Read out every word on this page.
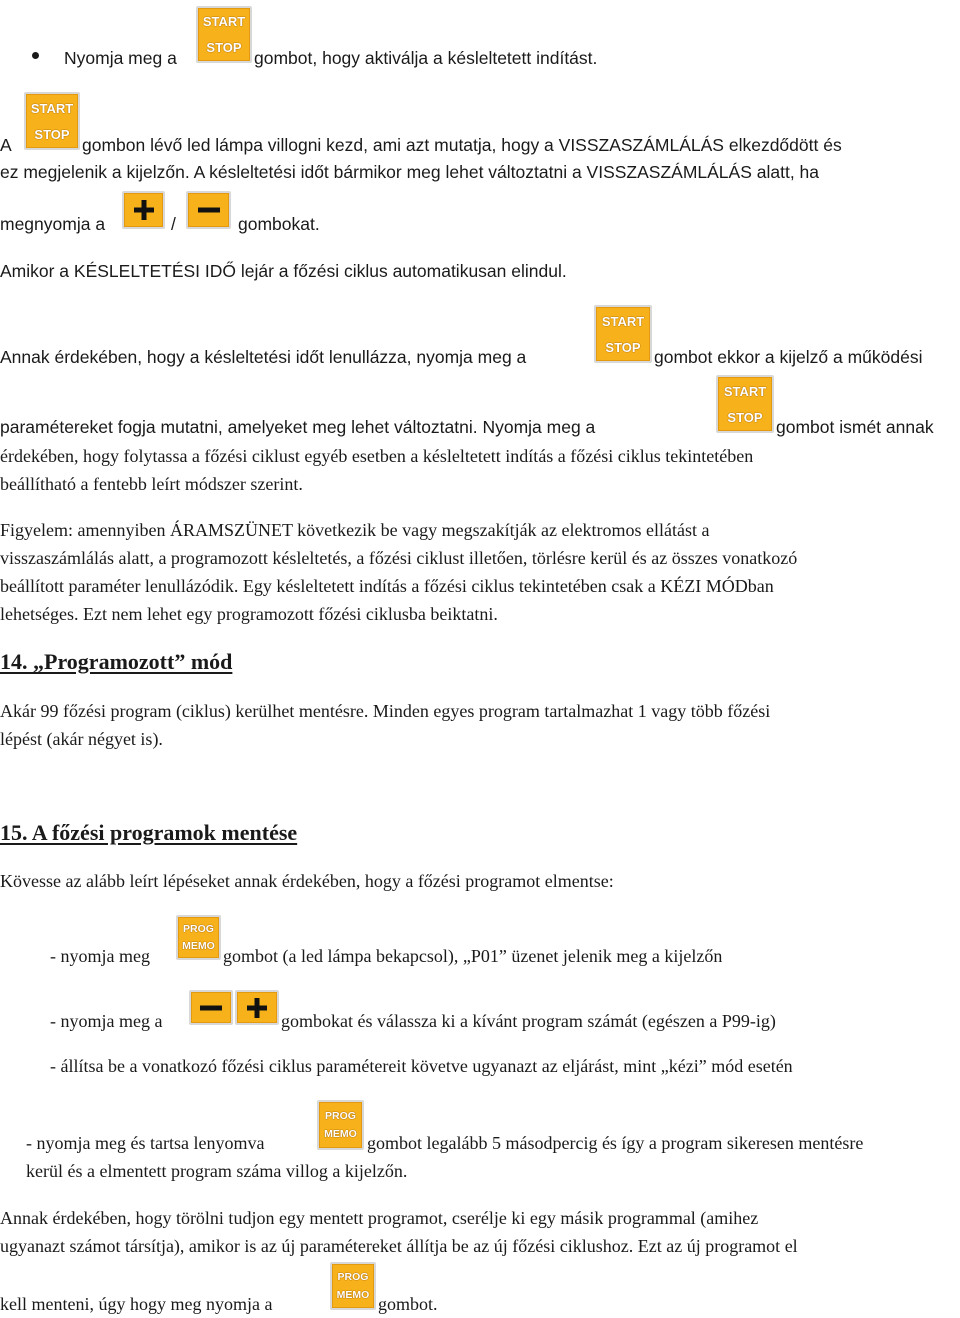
Nyomja meg a
START
STOP
gombot, hogy aktiválja a késleltetett indítást.
A
START
STOP
gombon lévő led lámpa villogni kezd, ami azt mutatja, hogy a VISSZASZÁMLÁLÁS elkezdődött és
ez megjelenik a kijelzőn. A késleltetési időt bármikor meg lehet változtatni a VISSZASZÁMLÁLÁS alatt, ha
megnyomja a	/	gombokat.
Amikor a KÉSLELTETÉSI IDŐ lejár a főzési ciklus automatikusan elindul.
Annak érdekében, hogy a késleltetési időt lenullázza, nyomja meg a
START
STOP gombot ekkor a kijelző a működési
paramétereket fogja mutatni, amelyeket meg lehet változtatni. Nyomja meg a
START
STOP gombot ismét annak
érdekében, hogy folytassa a főzési ciklust egyéb esetben a késleltetett indítás a főzési ciklus tekintetében
beállítható a fentebb leírt módszer szerint.
Figyelem: amennyiben ÁRAMSZÜNET következik be vagy megszakítják az elektromos ellátást a
visszaszámlálás alatt, a programozott késleltetés, a főzési ciklust illetően, törlésre kerül és az összes vonatkozó
beállított paraméter lenullázódik. Egy késleltetett indítás a főzési ciklus tekintetében csak a KÉZI MÓDban
lehetséges. Ezt nem lehet egy programozott főzési ciklusba beiktatni.
14. „Programozott” mód
Akár 99 főzési program (ciklus) kerülhet mentésre. Minden egyes program tartalmazhat 1 vagy több főzési
lépést (akár négyet is).
15. A főzési programok mentése
Kövesse az alább leírt lépéseket annak érdekében, hogy a főzési programot elmentse:
- nyomja meg
PROG
MEMO gombot (a led lámpa bekapcsol), „P01” üzenet jelenik meg a kijelzőn
- nyomja meg a	gombokat és válassza ki a kívánt program számát (egészen a P99-ig)
- állítsa be a vonatkozó főzési ciklus paramétereit követve ugyanazt az eljárást, mint „kézi” mód esetén
- nyomja meg és tartsa lenyomva
PROG
MEMO gombot legalább 5 másodpercig és így a program sikeresen mentésre
kerül és a elmentett program száma villog a kijelzőn.
Annak érdekében, hogy törölni tudjon egy mentett programot, cserélje ki egy másik programmal (amihez
ugyanazt számot társítja), amikor is az új paramétereket állítja be az új főzési ciklushoz. Ezt az új programot el
kell menteni, úgy hogy meg nyomja a
PROG
MEMO gombot.
